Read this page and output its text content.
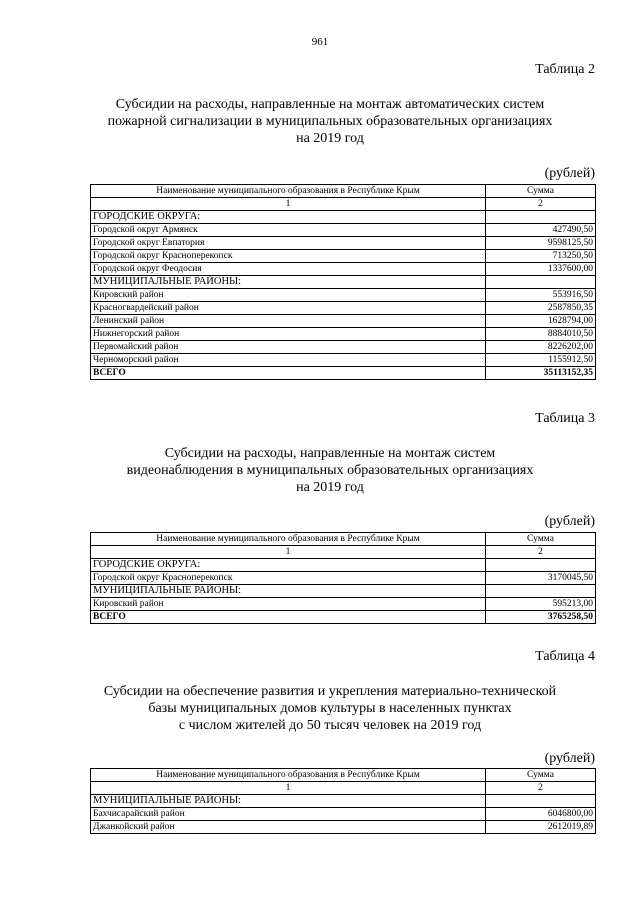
961
Таблица 2
Субсидии на расходы, направленные на монтаж автоматических систем
пожарной сигнализации в муниципальных образовательных организациях
на 2019 год
(рублей)
Наименование муниципального образования в Республике Крым	Сумма
1	2
ГОРОДСКИЕ ОКРУГА:	
Городской округ Армянск	427490,50
Городской округ Евпатория	9598125,50
Городской округ Красноперекопск	713250,50
Городской округ Феодосия	1337600,00
МУНИЦИПАЛЬНЫЕ РАЙОНЫ:	
Кировский район	553916,50
Красногвардейский район	2587850,35
Ленинский район	1628794,00
Нижнегорский район	8884010,50
Первомайский район	8226202,00
Черноморский район	1155912,50
ВСЕГО	35113152,35
Таблица 3
Субсидии на расходы, направленные на монтаж систем
видеонаблюдения в муниципальных образовательных организациях
на 2019 год
(рублей)
Наименование муниципального образования в Республике Крым	Сумма
1	2
ГОРОДСКИЕ ОКРУГА:	
Городской округ Красноперекопск	3170045,50
МУНИЦИПАЛЬНЫЕ РАЙОНЫ:	
Кировский район	595213,00
ВСЕГО	3765258,50
Таблица 4
Субсидии на обеспечение развития и укрепления материально-технической
базы муниципальных домов культуры в населенных пунктах
с числом жителей до 50 тысяч человек на 2019 год
(рублей)
Наименование муниципального образования в Республике Крым	Сумма
1	2
МУНИЦИПАЛЬНЫЕ РАЙОНЫ:	
Бахчисарайский район	6046800,00
Джанкойский район	2612019,89
